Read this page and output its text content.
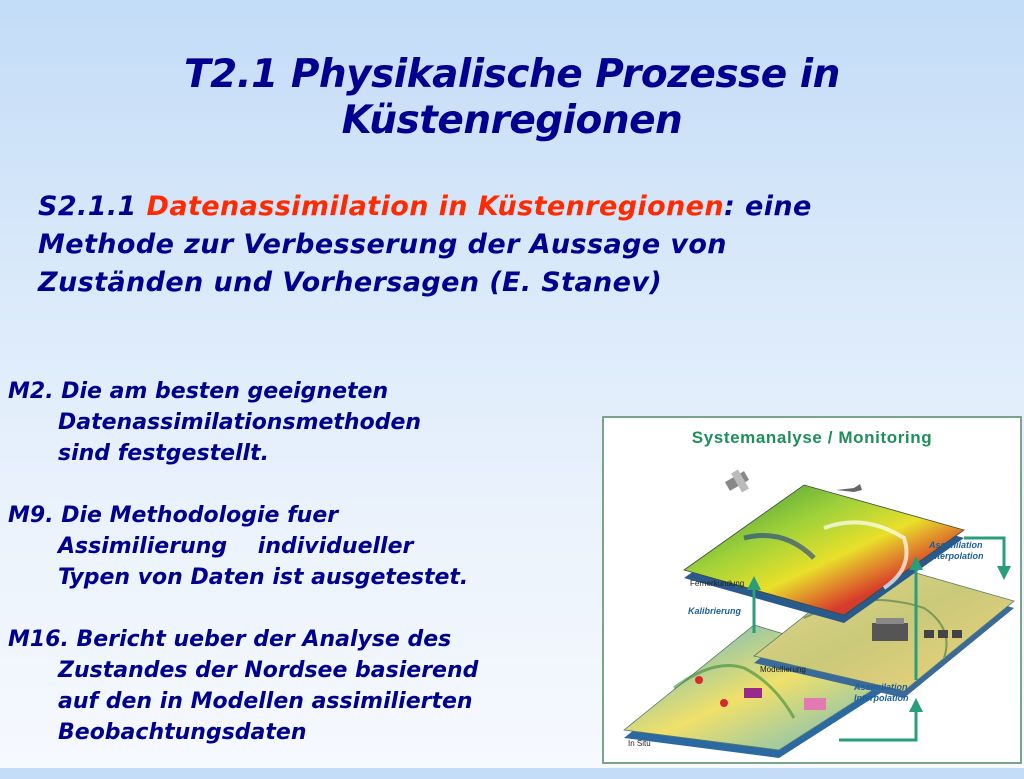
T2.1 Physikalische Prozesse in
Küstenregionen
S2.1.1 Datenassimilation in Küstenregionen: eine
Methode zur Verbesserung der Aussage von
Zuständen und Vorhersagen (E. Stanev)
M2. Die am besten geeigneten
Datenassimilationsmethoden
sind festgestellt.
M9. Die Methodologie fuer
Assimilierung    individueller
Typen von Daten ist ausgetestet.
M16. Bericht ueber der Analyse des
Zustandes der Nordsee basierend
auf den in Modellen assimilierten
Beobachtungsdaten
Fernerkundung
Modellierung
In Situ
Assimilation
Interpolation
Kalibrierung
Assimilation
Interpolation
Systemanalyse / Monitoring
